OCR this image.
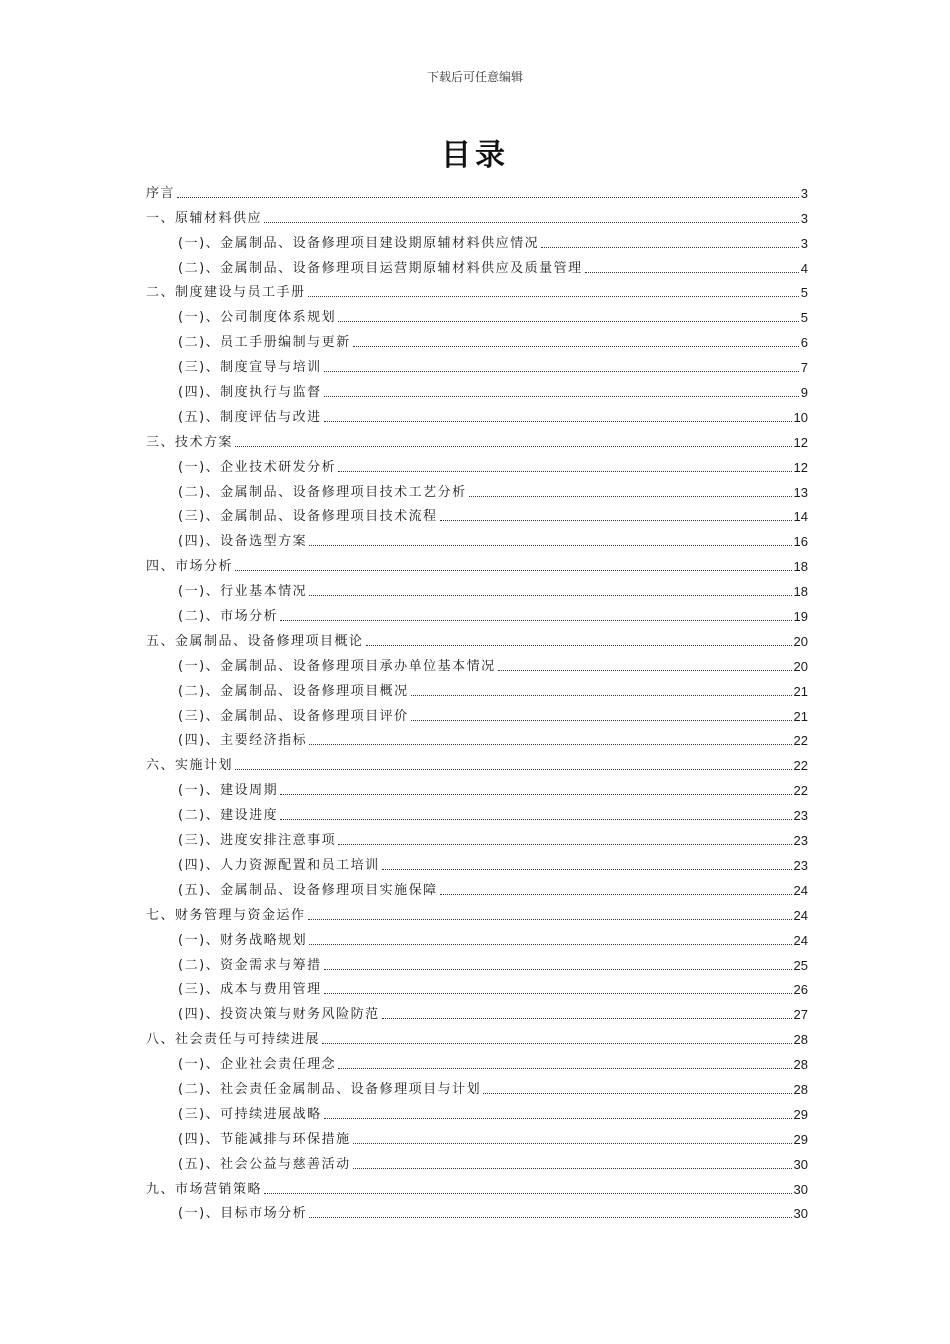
下载后可任意编辑
目录
序言	3
一、原辅材料供应	3
(一)、金属制品、设备修理项目建设期原辅材料供应情况	3
(二)、金属制品、设备修理项目运营期原辅材料供应及质量管理	4
二、制度建设与员工手册	5
(一)、公司制度体系规划	5
(二)、员工手册编制与更新	6
(三)、制度宣导与培训	7
(四)、制度执行与监督	9
(五)、制度评估与改进	10
三、技术方案	12
(一)、企业技术研发分析	12
(二)、金属制品、设备修理项目技术工艺分析	13
(三)、金属制品、设备修理项目技术流程	14
(四)、设备选型方案	16
四、市场分析	18
(一)、行业基本情况	18
(二)、市场分析	19
五、金属制品、设备修理项目概论	20
(一)、金属制品、设备修理项目承办单位基本情况	20
(二)、金属制品、设备修理项目概况	21
(三)、金属制品、设备修理项目评价	21
(四)、主要经济指标	22
六、实施计划	22
(一)、建设周期	22
(二)、建设进度	23
(三)、进度安排注意事项	23
(四)、人力资源配置和员工培训	23
(五)、金属制品、设备修理项目实施保障	24
七、财务管理与资金运作	24
(一)、财务战略规划	24
(二)、资金需求与筹措	25
(三)、成本与费用管理	26
(四)、投资决策与财务风险防范	27
八、社会责任与可持续进展	28
(一)、企业社会责任理念	28
(二)、社会责任金属制品、设备修理项目与计划	28
(三)、可持续进展战略	29
(四)、节能减排与环保措施	29
(五)、社会公益与慈善活动	30
九、市场营销策略	30
(一)、目标市场分析	30
